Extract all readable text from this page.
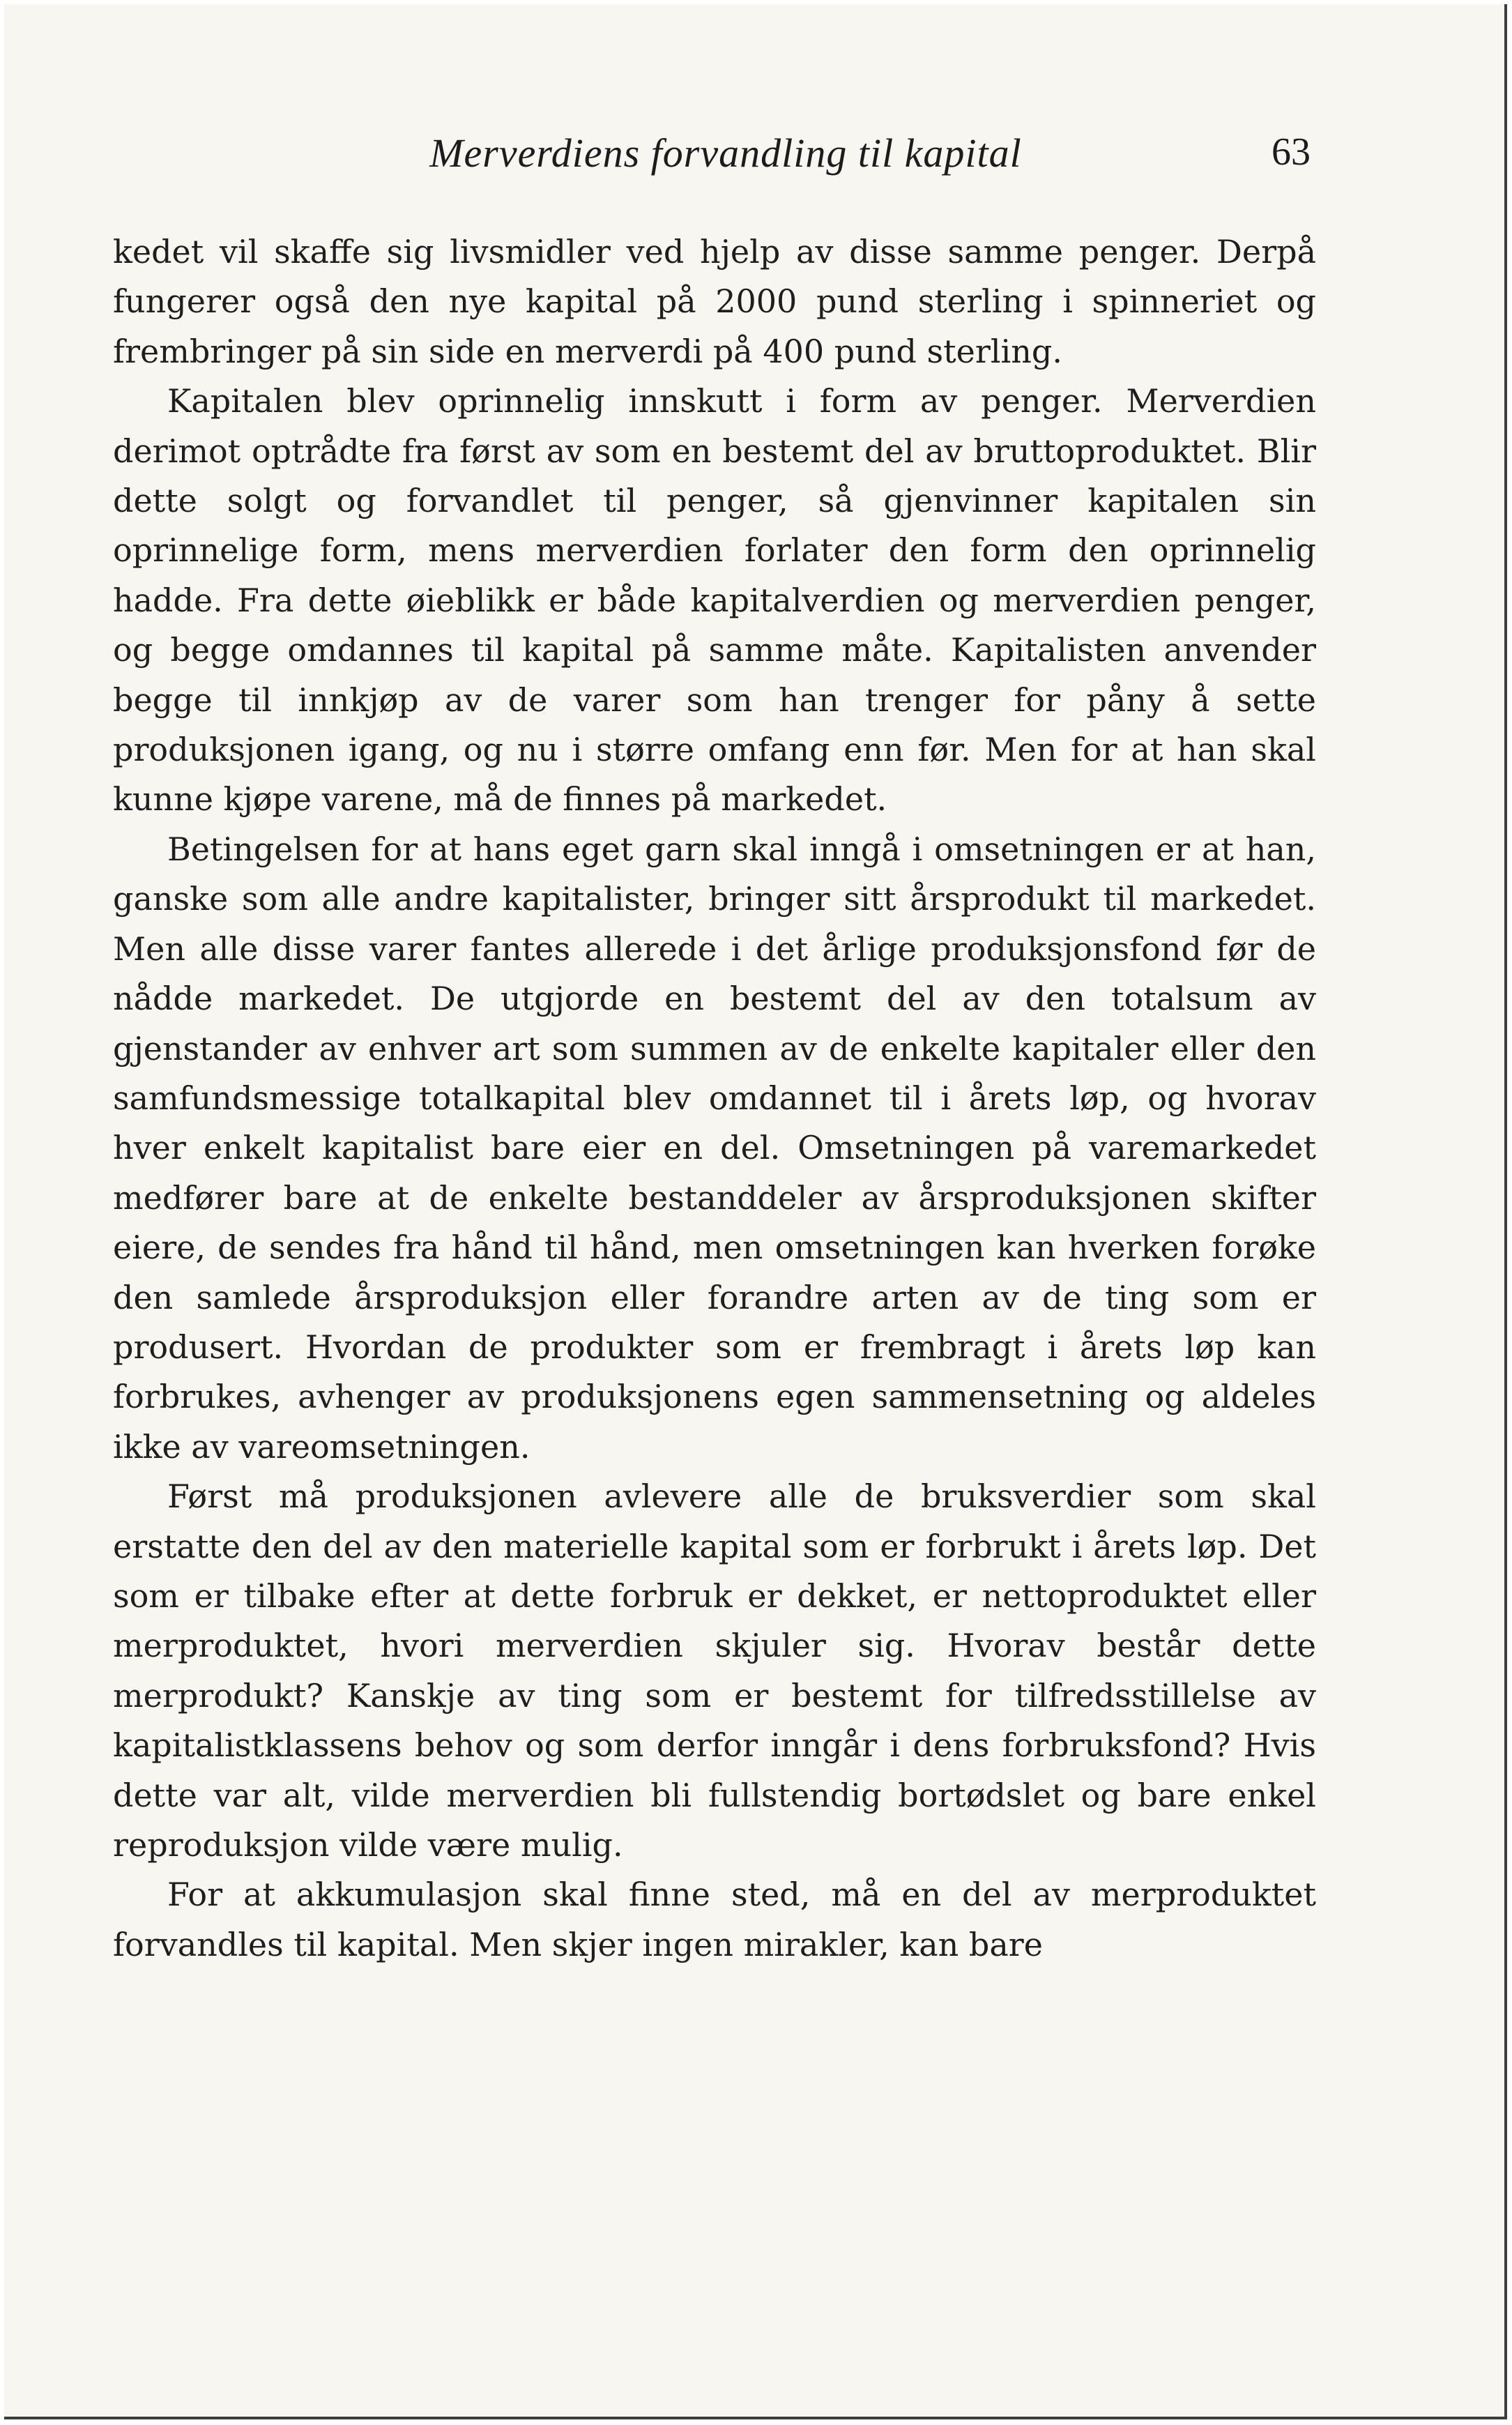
Merverdiens forvandling til kapital	63

kedet vil skaffe sig livsmidler ved hjelp av disse samme penger. Derpå fungerer også den nye kapital på 2000 pund sterling i spinneriet og frembringer på sin side en merverdi på 400 pund sterling.

Kapitalen blev oprinnelig innskutt i form av penger. Merverdien derimot optrådte fra først av som en bestemt del av bruttoproduktet. Blir dette solgt og forvandlet til penger, så gjenvinner kapitalen sin oprinnelige form, mens merverdien forlater den form den oprinnelig hadde. Fra dette øieblikk er både kapitalverdien og merverdien penger, og begge omdannes til kapital på samme måte. Kapitalisten anvender begge til innkjøp av de varer som han trenger for påny å sette produksjonen igang, og nu i større omfang enn før. Men for at han skal kunne kjøpe varene, må de finnes på markedet.

Betingelsen for at hans eget garn skal inngå i omsetningen er at han, ganske som alle andre kapitalister, bringer sitt årsprodukt til markedet. Men alle disse varer fantes allerede i det årlige produksjonsfond før de nådde markedet. De utgjorde en bestemt del av den totalsum av gjenstander av enhver art som summen av de enkelte kapitaler eller den samfundsmessige totalkapital blev omdannet til i årets løp, og hvorav hver enkelt kapitalist bare eier en del. Omsetningen på varemarkedet medfører bare at de enkelte bestanddeler av årsproduksjonen skifter eiere, de sendes fra hånd til hånd, men omsetningen kan hverken forøke den samlede årsproduksjon eller forandre arten av de ting som er produsert. Hvordan de produkter som er frembragt i årets løp kan forbrukes, avhenger av produksjonens egen sammensetning og aldeles ikke av vareomsetningen.

Først må produksjonen avlevere alle de bruksverdier som skal erstatte den del av den materielle kapital som er forbrukt i årets løp. Det som er tilbake efter at dette forbruk er dekket, er nettoproduktet eller merproduktet, hvori merverdien skjuler sig. Hvorav består dette merprodukt? Kanskje av ting som er bestemt for tilfredsstillelse av kapitalistklassens behov og som derfor inngår i dens forbruksfond? Hvis dette var alt, vilde merverdien bli fullstendig bortødslet og bare enkel reproduksjon vilde være mulig.

For at akkumulasjon skal finne sted, må en del av merproduktet forvandles til kapital. Men skjer ingen mirakler, kan bare
